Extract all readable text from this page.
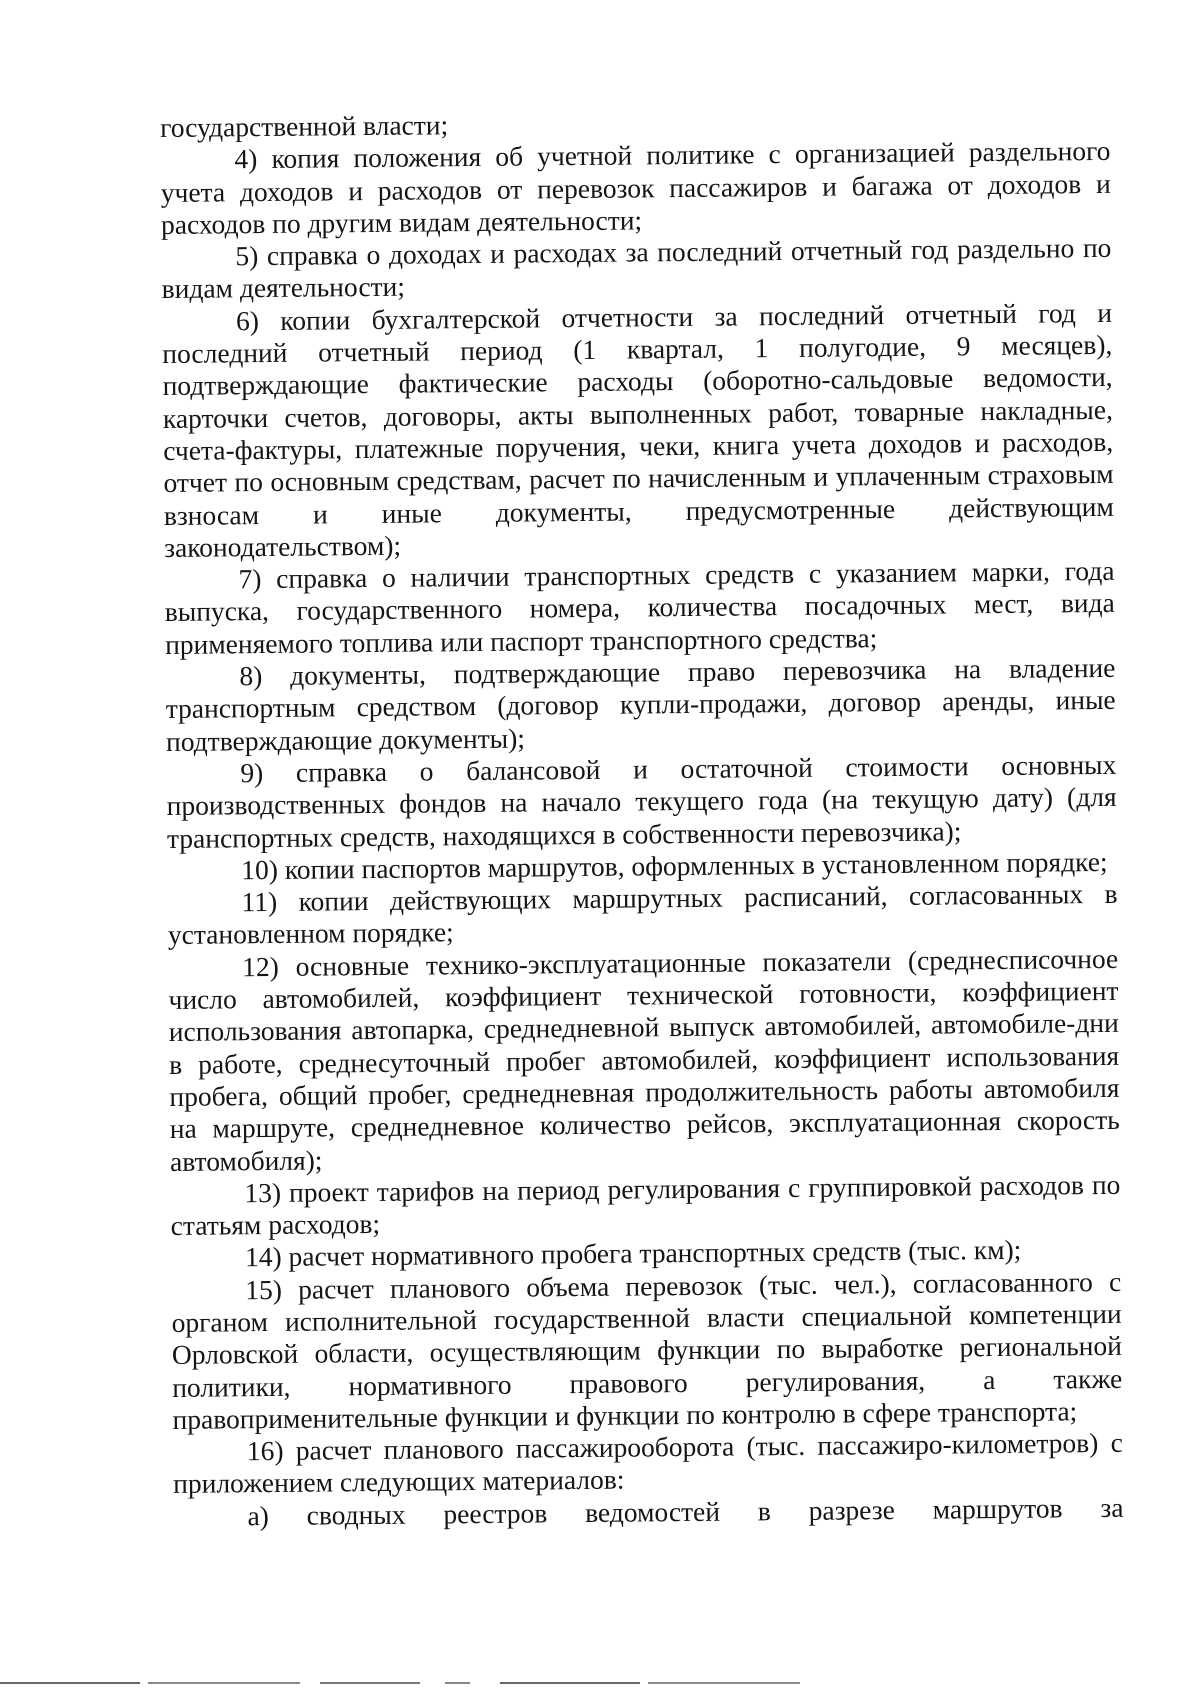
государственной власти;

4) копия положения об учетной политике с организацией раздельного учета доходов и расходов от перевозок пассажиров и багажа от доходов и расходов по другим видам деятельности;

5) справка о доходах и расходах за последний отчетный год раздельно по видам деятельности;

6) копии бухгалтерской отчетности за последний отчетный год и последний отчетный период (1 квартал, 1 полугодие, 9 месяцев), подтверждающие фактические расходы (оборотно-сальдовые ведомости, карточки счетов, договоры, акты выполненных работ, товарные накладные, счета-фактуры, платежные поручения, чеки, книга учета доходов и расходов, отчет по основным средствам, расчет по начисленным и уплаченным страховым взносам и иные документы, предусмотренные действующим законодательством);

7) справка о наличии транспортных средств с указанием марки, года выпуска, государственного номера, количества посадочных мест, вида применяемого топлива или паспорт транспортного средства;

8) документы, подтверждающие право перевозчика на владение транспортным средством (договор купли-продажи, договор аренды, иные подтверждающие документы);

9) справка о балансовой и остаточной стоимости основных производственных фондов на начало текущего года (на текущую дату) (для транспортных средств, находящихся в собственности перевозчика);

10) копии паспортов маршрутов, оформленных в установленном порядке;

11) копии действующих маршрутных расписаний, согласованных в установленном порядке;

12) основные технико-эксплуатационные показатели (среднесписочное число автомобилей, коэффициент технической готовности, коэффициент использования автопарка, среднедневной выпуск автомобилей, автомобиле-дни в работе, среднесуточный пробег автомобилей, коэффициент использования пробега, общий пробег, среднедневная продолжительность работы автомобиля на маршруте, среднедневное количество рейсов, эксплуатационная скорость автомобиля);

13) проект тарифов на период регулирования с группировкой расходов по статьям расходов;

14) расчет нормативного пробега транспортных средств (тыс. км);

15) расчет планового объема перевозок (тыс. чел.), согласованного с органом исполнительной государственной власти специальной компетенции Орловской области, осуществляющим функции по выработке региональной политики, нормативного правового регулирования, а также правоприменительные функции и функции по контролю в сфере транспорта;

16) расчет планового пассажирооборота (тыс. пассажиро-километров) с приложением следующих материалов:

а) сводных реестров ведомостей в разрезе маршрутов за
